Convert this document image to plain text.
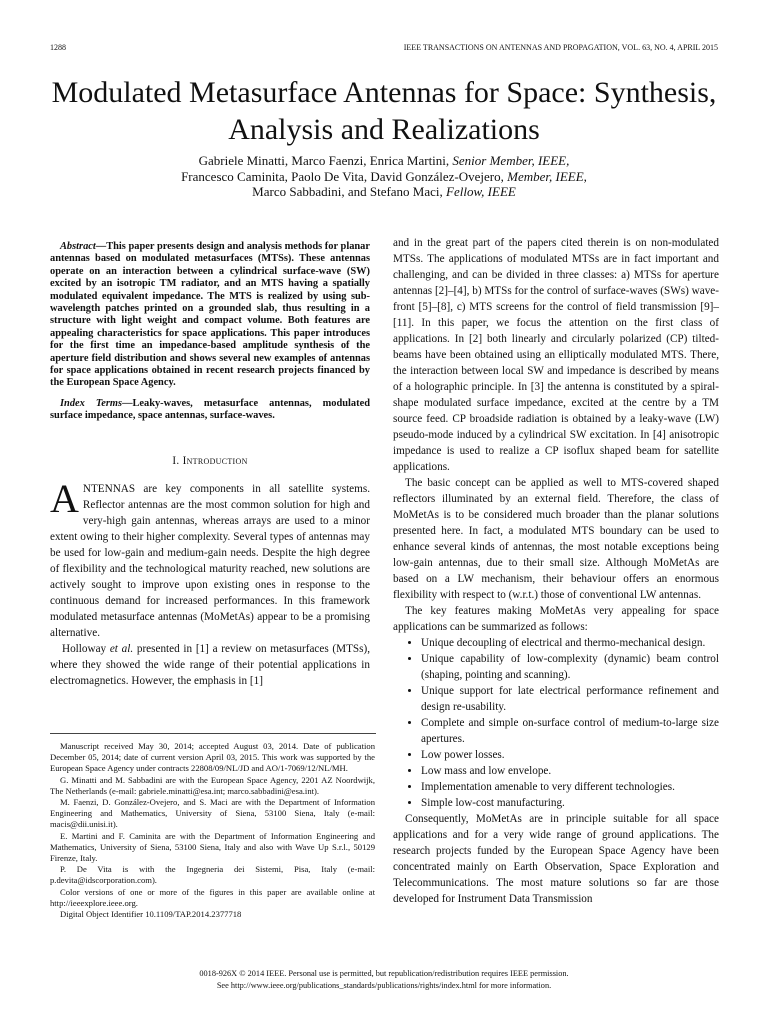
1288	IEEE TRANSACTIONS ON ANTENNAS AND PROPAGATION, VOL. 63, NO. 4, APRIL 2015
Modulated Metasurface Antennas for Space: Synthesis, Analysis and Realizations
Gabriele Minatti, Marco Faenzi, Enrica Martini, Senior Member, IEEE,
Francesco Caminita, Paolo De Vita, David González-Ovejero, Member, IEEE,
Marco Sabbadini, and Stefano Maci, Fellow, IEEE

Abstract—This paper presents design and analysis methods for planar antennas based on modulated metasurfaces (MTSs). These antennas operate on an interaction between a cylindrical surface-wave (SW) excited by an isotropic TM radiator, and an MTS having a spatially modulated equivalent impedance. The MTS is realized by using sub-wavelength patches printed on a grounded slab, thus resulting in a structure with light weight and compact volume. Both features are appealing characteristics for space applications. This paper introduces for the first time an impedance-based amplitude synthesis of the aperture field distribution and shows several new examples of antennas for space applications obtained in recent research projects financed by the European Space Agency.

Index Terms—Leaky-waves, metasurface antennas, modulated surface impedance, space antennas, surface-waves.

I. Introduction

ANTENNAS are key components in all satellite systems. Reflector antennas are the most common solution for high and very-high gain antennas, whereas arrays are used to a minor extent owing to their higher complexity. Several types of antennas may be used for low-gain and medium-gain needs. Despite the high degree of flexibility and the technological maturity reached, new solutions are actively sought to improve upon existing ones in response to the continuous demand for increased performances. In this framework modulated metasurface antennas (MoMetAs) appear to be a promising alternative.

Holloway et al. presented in [1] a review on metasurfaces (MTSs), where they showed the wide range of their potential applications in electromagnetics. However, the emphasis in [1]

Manuscript received May 30, 2014; accepted August 03, 2014. Date of publication December 05, 2014; date of current version April 03, 2015. This work was supported by the European Space Agency under contracts 22808/09/NL/JD and AO/1-7069/12/NL/MH.

G. Minatti and M. Sabbadini are with the European Space Agency, 2201 AZ Noordwijk, The Netherlands (e-mail: gabriele.minatti@esa.int; marco.sabbadini@esa.int).

M. Faenzi, D. González-Ovejero, and S. Maci are with the Department of Information Engineering and Mathematics, University of Siena, 53100 Siena, Italy (e-mail: macis@dii.unisi.it).

E. Martini and F. Caminita are with the Department of Information Engineering and Mathematics, University of Siena, 53100 Siena, Italy and also with Wave Up S.r.l., 50129 Firenze, Italy.

P. De Vita is with the Ingegneria dei Sistemi, Pisa, Italy (e-mail: p.devita@idscorporation.com).

Color versions of one or more of the figures in this paper are available online at http://ieeexplore.ieee.org.

Digital Object Identifier 10.1109/TAP.2014.2377718

and in the great part of the papers cited therein is on non-modulated MTSs. The applications of modulated MTSs are in fact important and challenging, and can be divided in three classes: a) MTSs for aperture antennas [2]–[4], b) MTSs for the control of surface-waves (SWs) wave-front [5]–[8], c) MTS screens for the control of field transmission [9]–[11]. In this paper, we focus the attention on the first class of applications. In [2] both linearly and circularly polarized (CP) tilted-beams have been obtained using an elliptically modulated MTS. There, the interaction between local SW and impedance is described by means of a holographic principle. In [3] the antenna is constituted by a spiral-shape modulated surface impedance, excited at the centre by a TM source feed. CP broadside radiation is obtained by a leaky-wave (LW) pseudo-mode induced by a cylindrical SW excitation. In [4] anisotropic impedance is used to realize a CP isoflux shaped beam for satellite applications.

The basic concept can be applied as well to MTS-covered shaped reflectors illuminated by an external field. Therefore, the class of MoMetAs is to be considered much broader than the planar solutions presented here. In fact, a modulated MTS boundary can be used to enhance several kinds of antennas, the most notable exceptions being low-gain antennas, due to their small size. Although MoMetAs are based on a LW mechanism, their behaviour offers an enormous flexibility with respect to (w.r.t.) those of conventional LW antennas.

The key features making MoMetAs very appealing for space applications can be summarized as follows:

• Unique decoupling of electrical and thermo-mechanical design.
• Unique capability of low-complexity (dynamic) beam control (shaping, pointing and scanning).
• Unique support for late electrical performance refinement and design re-usability.
• Complete and simple on-surface control of medium-to-large size apertures.
• Low power losses.
• Low mass and low envelope.
• Implementation amenable to very different technologies.
• Simple low-cost manufacturing.

Consequently, MoMetAs are in principle suitable for all space applications and for a very wide range of ground applications. The research projects funded by the European Space Agency have been concentrated mainly on Earth Observation, Space Exploration and Telecommunications. The most mature solutions so far are those developed for Instrument Data Transmission

0018-926X © 2014 IEEE. Personal use is permitted, but republication/redistribution requires IEEE permission.
See http://www.ieee.org/publications_standards/publications/rights/index.html for more information.
